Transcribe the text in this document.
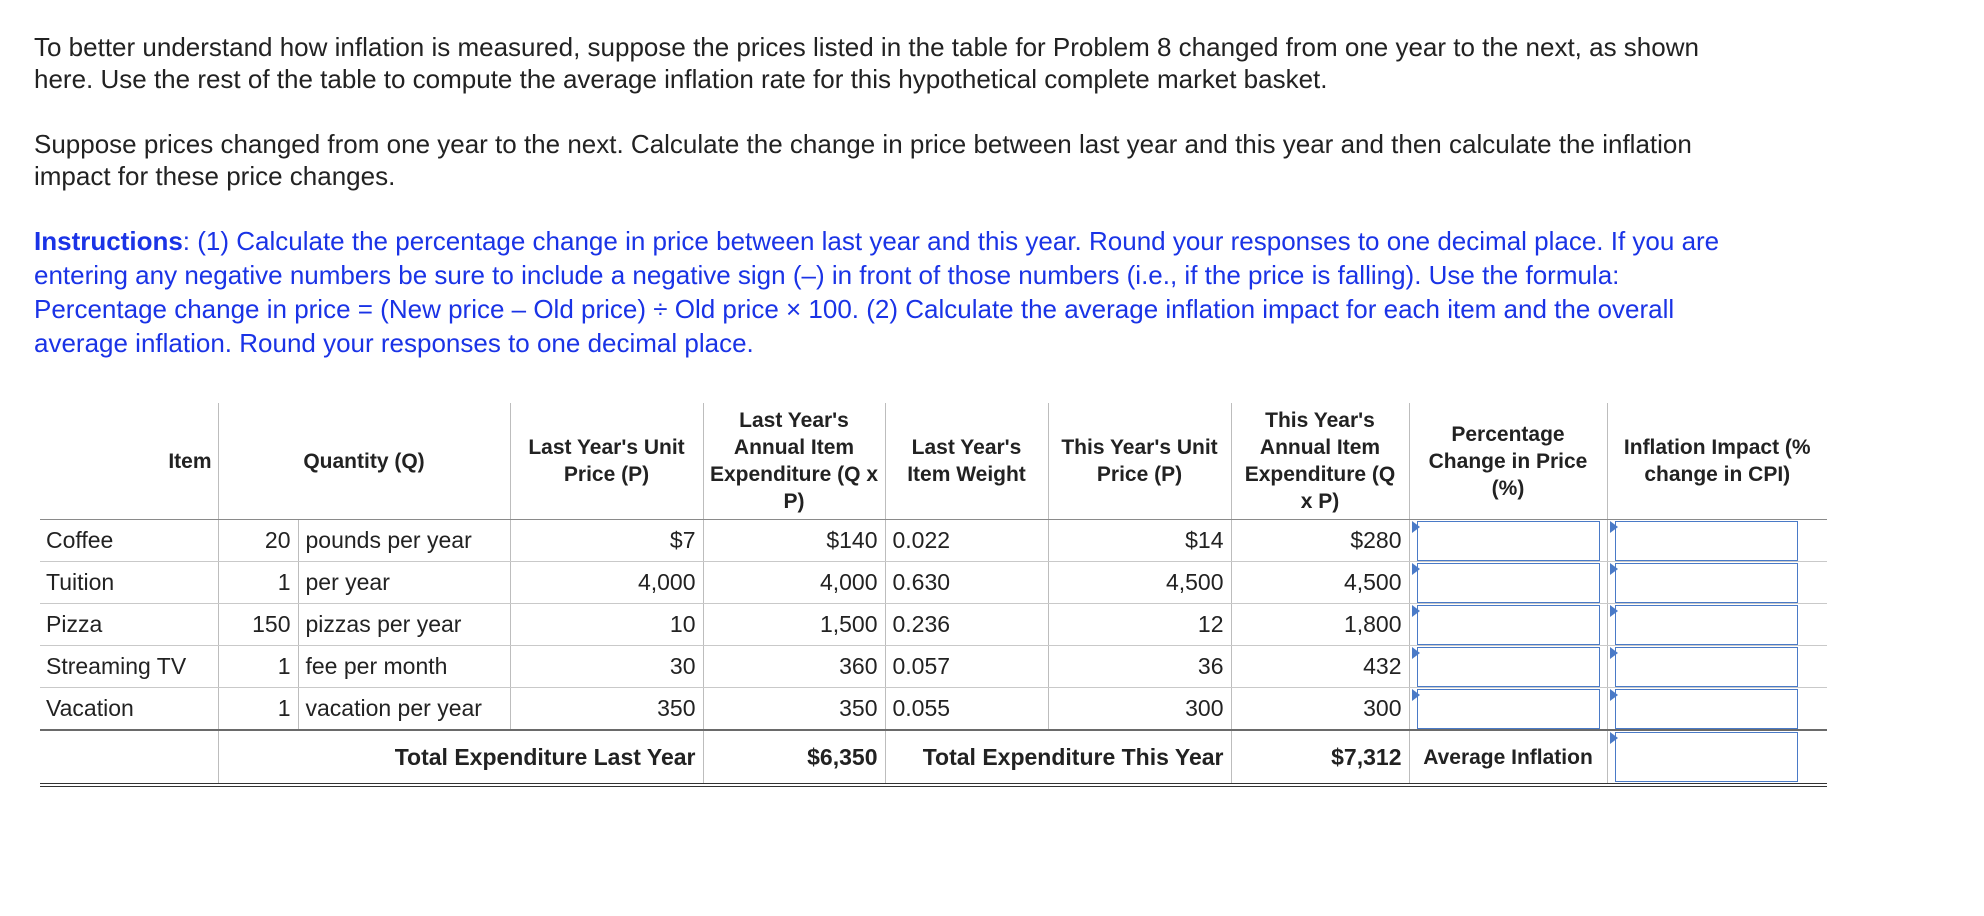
To better understand how inflation is measured, suppose the prices listed in the table for Problem 8 changed from one year to the next, as shown here. Use the rest of the table to compute the average inflation rate for this hypothetical complete market basket.

Suppose prices changed from one year to the next. Calculate the change in price between last year and this year and then calculate the inflation impact for these price changes.

Instructions: (1) Calculate the percentage change in price between last year and this year. Round your responses to one decimal place. If you are entering any negative numbers be sure to include a negative sign (–) in front of those numbers (i.e., if the price is falling). Use the formula: Percentage change in price = (New price – Old price) ÷ Old price × 100. (2) Calculate the average inflation impact for each item and the overall average inflation. Round your responses to one decimal place.

Item	Quantity (Q)		Last Year's Unit Price (P)	Last Year's Annual Item Expenditure (Q x P)	Last Year's Item Weight	This Year's Unit Price (P)	This Year's Annual Item Expenditure (Q x P)	Percentage Change in Price (%)	Inflation Impact (% change in CPI)
Coffee	20	pounds per year	$7	$140	0.022	$14	$280	

Tuition	1	per year	4,000	4,000	0.630	4,500	4,500	

Pizza	150	pizzas per year	10	1,500	0.236	12	1,800	

Streaming TV	1	fee per month	30	360	0.057	36	432	

Vacation	1	vacation per year	350	350	0.055	300	300	

	Total Expenditure Last Year			$6,350	Total Expenditure This Year		$7,312	Average Inflation	
